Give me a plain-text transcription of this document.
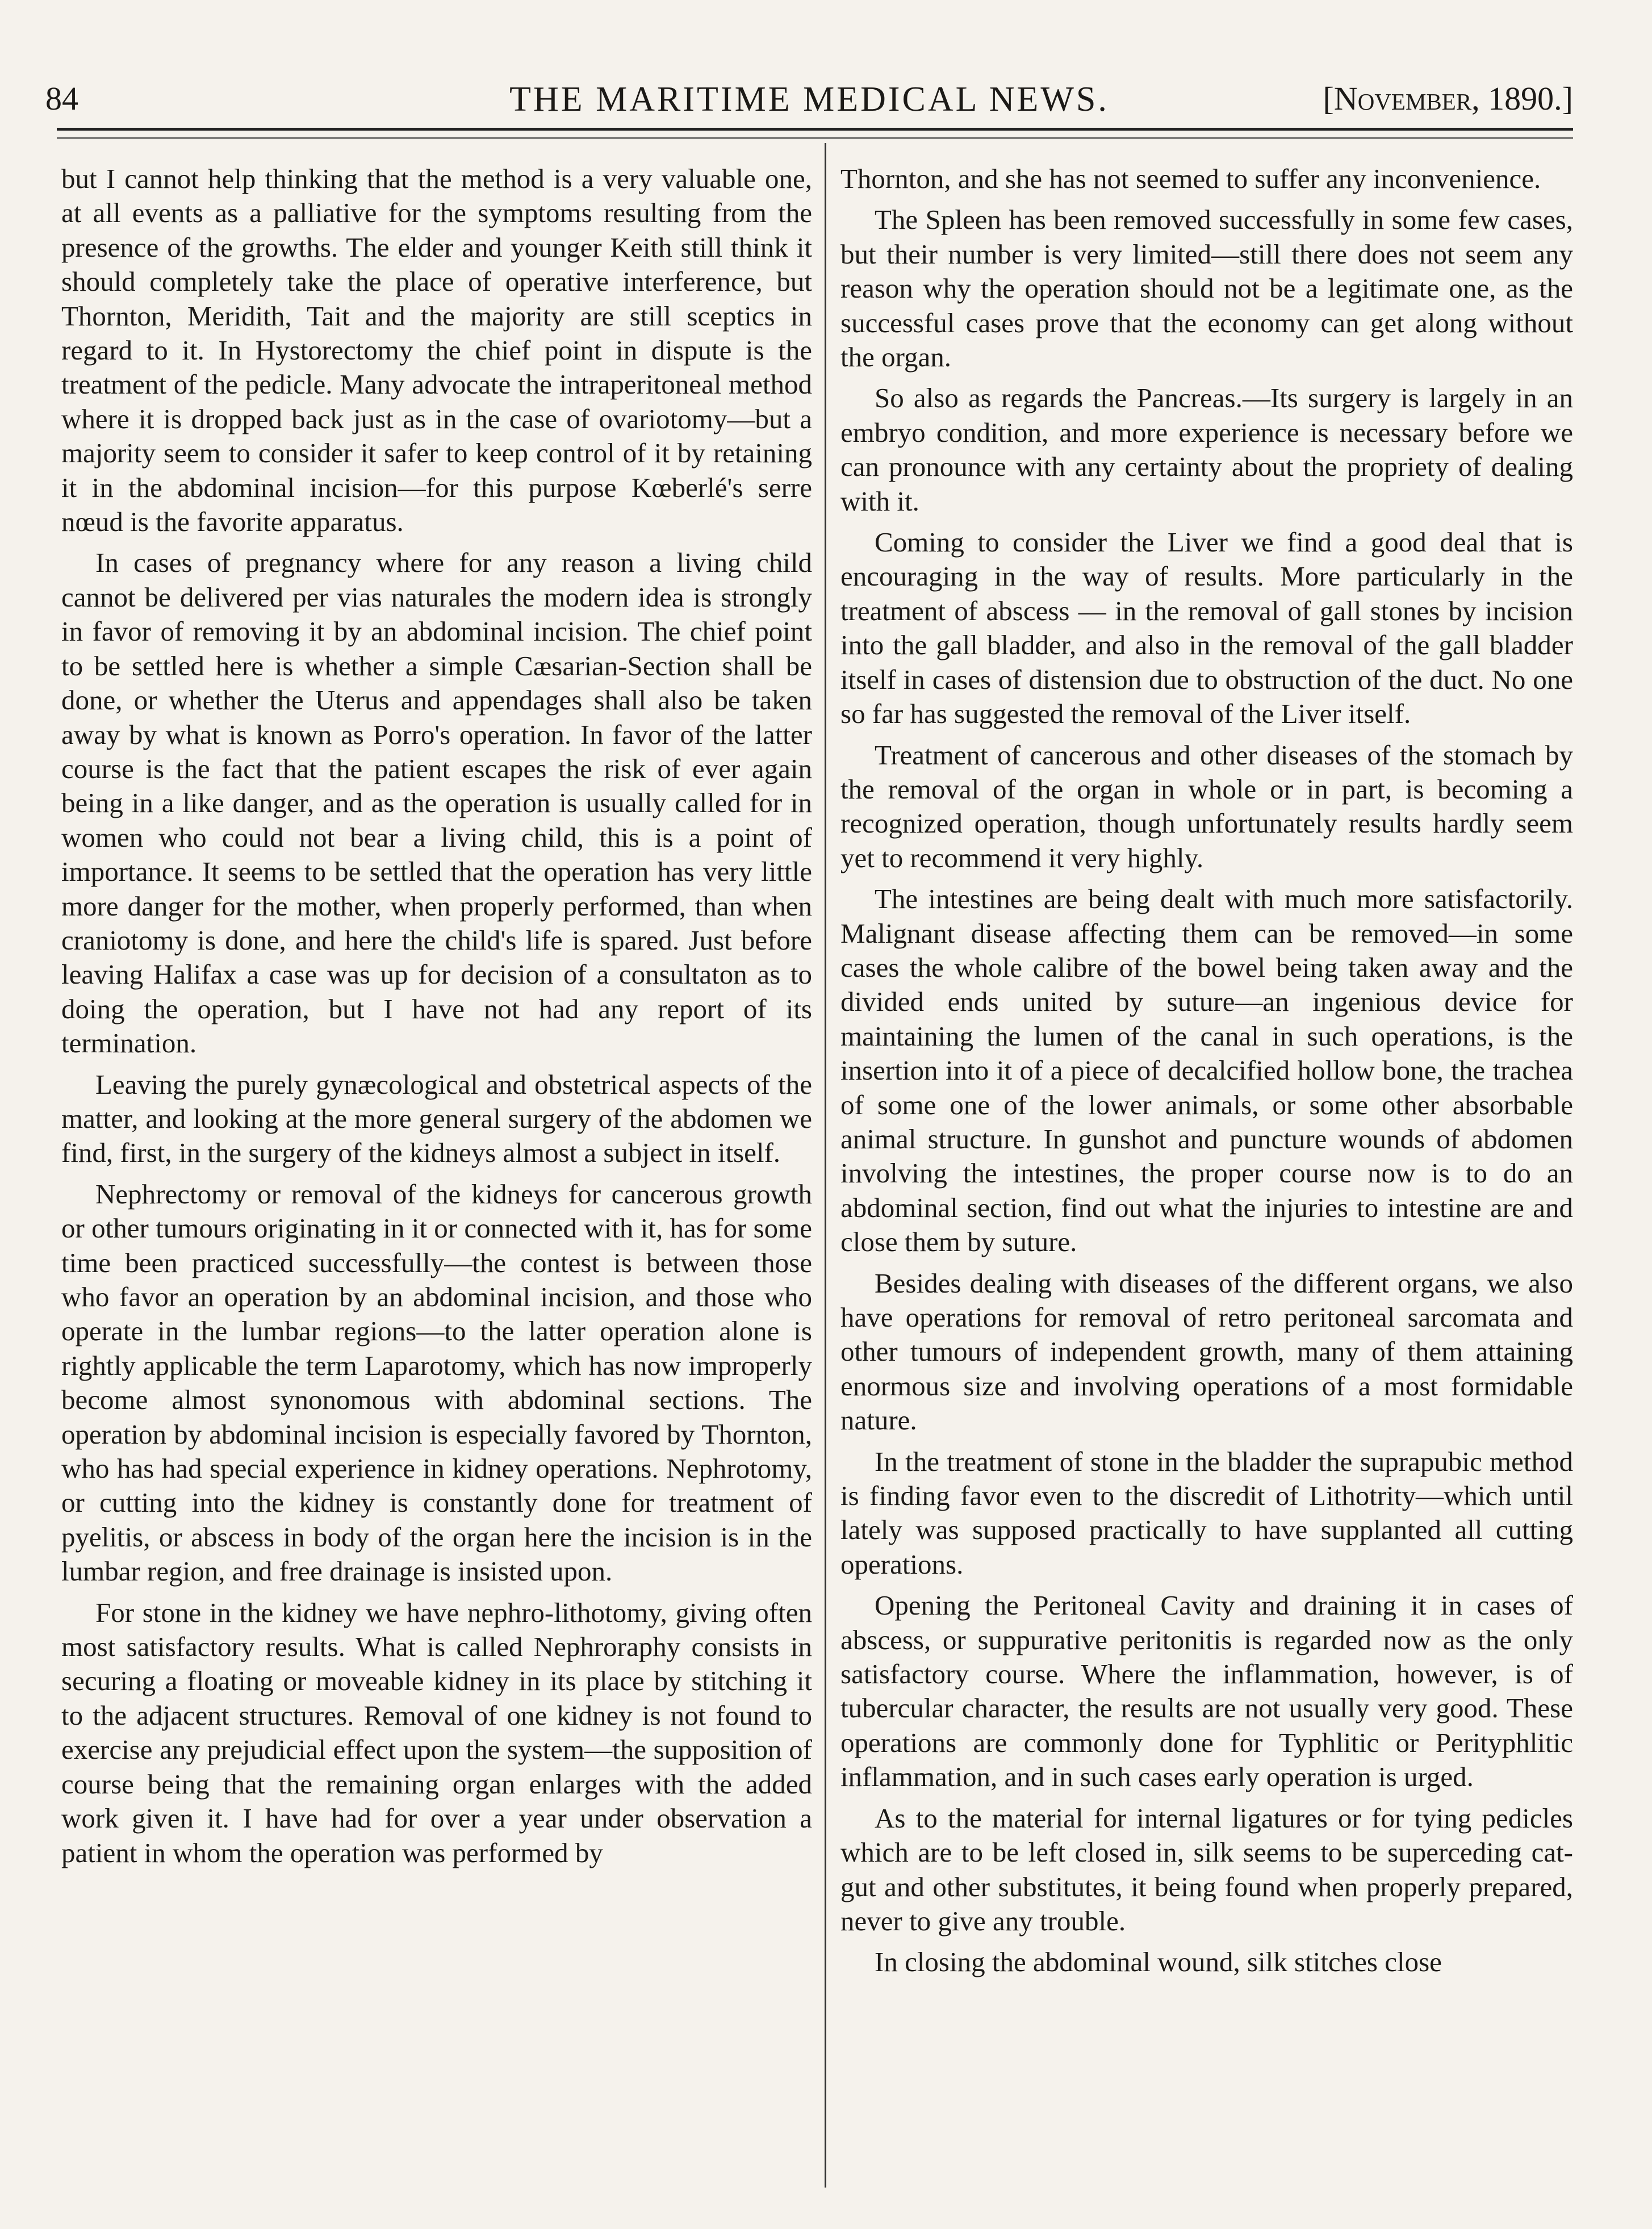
84	THE MARITIME MEDICAL NEWS.	[November, 1890.]

but I cannot help thinking that the method is a very valuable one, at all events as a palliative for the symptoms resulting from the presence of the growths. The elder and younger Keith still think it should completely take the place of operative interference, but Thornton, Meridith, Tait and the majority are still sceptics in regard to it. In Hystorectomy the chief point in dispute is the treatment of the pedicle. Many advocate the intraperitoneal method where it is dropped back just as in the case of ovariotomy—but a majority seem to consider it safer to keep control of it by retaining it in the abdominal incision—for this purpose Kœberlé's serre nœud is the favorite apparatus.

In cases of pregnancy where for any reason a living child cannot be delivered per vias naturales the modern idea is strongly in favor of removing it by an abdominal incision. The chief point to be settled here is whether a simple Cæsarian-Section shall be done, or whether the Uterus and appendages shall also be taken away by what is known as Porro's operation. In favor of the latter course is the fact that the patient escapes the risk of ever again being in a like danger, and as the operation is usually called for in women who could not bear a living child, this is a point of importance. It seems to be settled that the operation has very little more danger for the mother, when properly performed, than when craniotomy is done, and here the child's life is spared. Just before leaving Halifax a case was up for decision of a consultaton as to doing the operation, but I have not had any report of its termination.

Leaving the purely gynæcological and obstetrical aspects of the matter, and looking at the more general surgery of the abdomen we find, first, in the surgery of the kidneys almost a subject in itself.

Nephrectomy or removal of the kidneys for cancerous growth or other tumours originating in it or connected with it, has for some time been practiced successfully—the contest is between those who favor an operation by an abdominal incision, and those who operate in the lumbar regions—to the latter operation alone is rightly applicable the term Laparotomy, which has now improperly become almost synonomous with abdominal sections. The operation by abdominal incision is especially favored by Thornton, who has had special experience in kidney operations. Nephrotomy, or cutting into the kidney is constantly done for treatment of pyelitis, or abscess in body of the organ here the incision is in the lumbar region, and free drainage is insisted upon.

For stone in the kidney we have nephro-lithotomy, giving often most satisfactory results. What is called Nephroraphy consists in securing a floating or moveable kidney in its place by stitching it to the adjacent structures. Removal of one kidney is not found to exercise any prejudicial effect upon the system—the supposition of course being that the remaining organ enlarges with the added work given it. I have had for over a year under observation a patient in whom the operation was performed by

Thornton, and she has not seemed to suffer any inconvenience.

The Spleen has been removed successfully in some few cases, but their number is very limited—still there does not seem any reason why the operation should not be a legitimate one, as the successful cases prove that the economy can get along without the organ.

So also as regards the Pancreas.—Its surgery is largely in an embryo condition, and more experience is necessary before we can pronounce with any certainty about the propriety of dealing with it.

Coming to consider the Liver we find a good deal that is encouraging in the way of results. More particularly in the treatment of abscess — in the removal of gall stones by incision into the gall bladder, and also in the removal of the gall bladder itself in cases of distension due to obstruction of the duct. No one so far has suggested the removal of the Liver itself.

Treatment of cancerous and other diseases of the stomach by the removal of the organ in whole or in part, is becoming a recognized operation, though unfortunately results hardly seem yet to recommend it very highly.

The intestines are being dealt with much more satisfactorily. Malignant disease affecting them can be removed—in some cases the whole calibre of the bowel being taken away and the divided ends united by suture—an ingenious device for maintaining the lumen of the canal in such operations, is the insertion into it of a piece of decalcified hollow bone, the trachea of some one of the lower animals, or some other absorbable animal structure. In gunshot and puncture wounds of abdomen involving the intestines, the proper course now is to do an abdominal section, find out what the injuries to intestine are and close them by suture.

Besides dealing with diseases of the different organs, we also have operations for removal of retro peritoneal sarcomata and other tumours of independent growth, many of them attaining enormous size and involving operations of a most formidable nature.

In the treatment of stone in the bladder the suprapubic method is finding favor even to the discredit of Lithotrity—which until lately was supposed practically to have supplanted all cutting operations.

Opening the Peritoneal Cavity and draining it in cases of abscess, or suppurative peritonitis is regarded now as the only satisfactory course. Where the inflammation, however, is of tubercular character, the results are not usually very good. These operations are commonly done for Typhlitic or Perityphlitic inflammation, and in such cases early operation is urged.

As to the material for internal ligatures or for tying pedicles which are to be left closed in, silk seems to be superceding cat-gut and other substitutes, it being found when properly prepared, never to give any trouble.

In closing the abdominal wound, silk stitches close
